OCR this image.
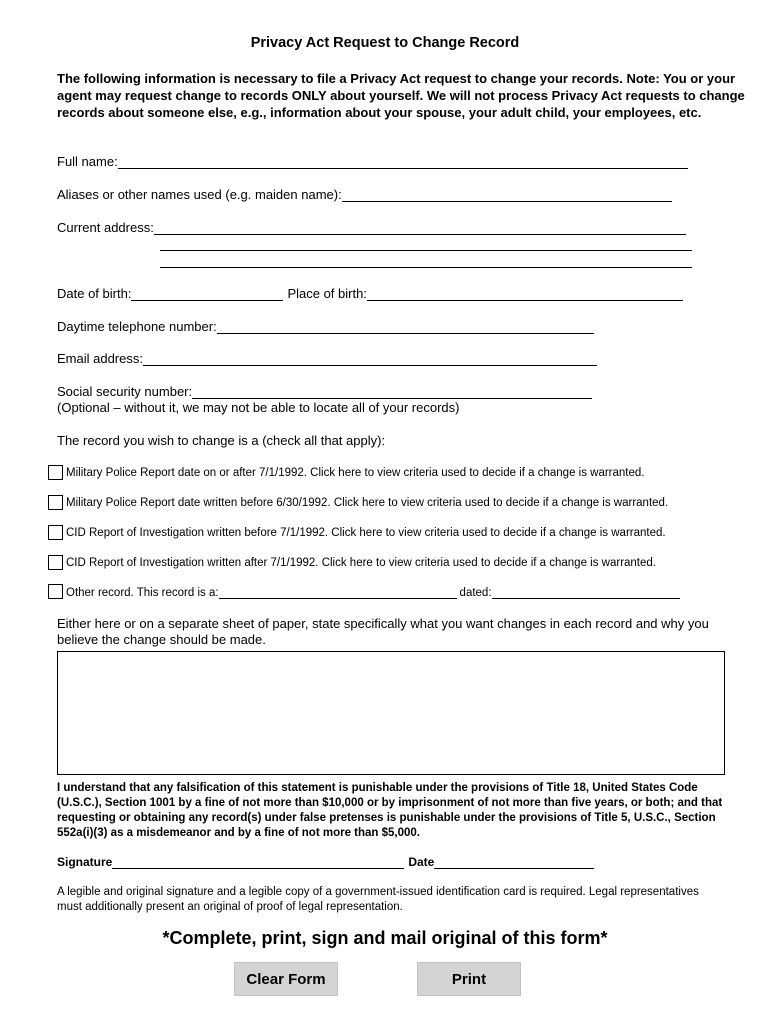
Privacy Act Request to Change Record
The following information is necessary to file a Privacy Act request to change your records. Note: You or your agent may request change to records ONLY about yourself. We will not process Privacy Act requests to change records about someone else, e.g., information about your spouse, your adult child, your employees, etc.
Full name:
Aliases or other names used (e.g. maiden name):
Current address:
Date of birth:	Place of birth:
Daytime telephone number:
Email address:
Social security number:
(Optional – without it, we may not be able to locate all of your records)
The record you wish to change is a (check all that apply):
Military Police Report date on or after 7/1/1992. Click here to view criteria used to decide if a change is warranted.
Military Police Report date written before 6/30/1992. Click here to view criteria used to decide if a change is warranted.
CID Report of Investigation written before 7/1/1992. Click here to view criteria used to decide if a change is warranted.
CID Report of Investigation written after 7/1/1992. Click here to view criteria used to decide if a change is warranted.
Other record. This record is a:	dated:
Either here or on a separate sheet of paper, state specifically what you want changes in each record and why you believe the change should be made.
I understand that any falsification of this statement is punishable under the provisions of Title 18, United States Code (U.S.C.), Section 1001 by a fine of not more than $10,000 or by imprisonment of not more than five years, or both; and that requesting or obtaining any record(s) under false pretenses is punishable under the provisions of Title 5, U.S.C., Section 552a(i)(3) as a misdemeanor and by a fine of not more than $5,000.
Signature	Date
A legible and original signature and a legible copy of a government-issued identification card is required. Legal representatives must additionally present an original of proof of legal representation.
*Complete, print, sign and mail original of this form*
Clear Form	Print
